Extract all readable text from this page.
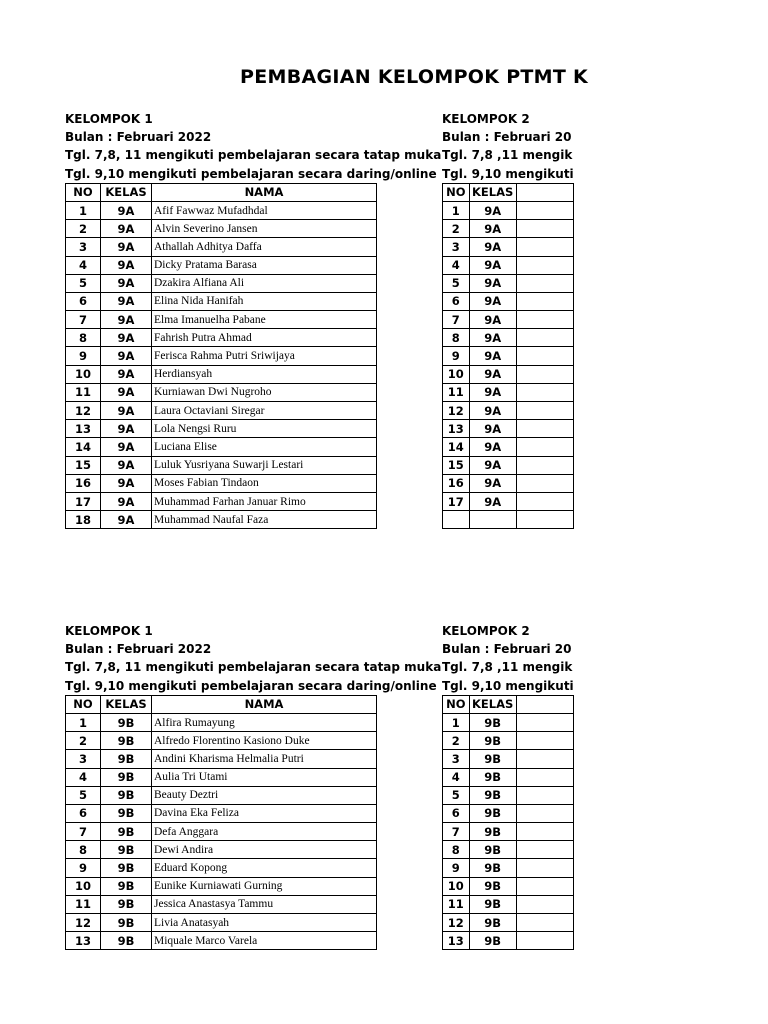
PEMBAGIAN KELOMPOK PTMT K
KELOMPOK 1
Bulan : Februari 2022
Tgl. 7,8, 11 mengikuti pembelajaran secara tatap muka
Tgl. 9,10 mengikuti pembelajaran secara daring/online
NO	KELAS	NAMA
1	9A	Afif Fawwaz Mufadhdal
2	9A	Alvin Severino Jansen
3	9A	Athallah Adhitya Daffa
4	9A	Dicky Pratama Barasa
5	9A	Dzakira Alfiana Ali
6	9A	Elina Nida Hanifah
7	9A	Elma Imanuelha Pabane
8	9A	Fahrish Putra Ahmad
9	9A	Ferisca Rahma Putri Sriwijaya
10	9A	Herdiansyah
11	9A	Kurniawan Dwi Nugroho
12	9A	Laura Octaviani Siregar
13	9A	Lola Nengsi Ruru
14	9A	Luciana Elise
15	9A	Luluk Yusriyana Suwarji Lestari
16	9A	Moses Fabian Tindaon
17	9A	Muhammad Farhan Januar Rimo
18	9A	Muhammad Naufal Faza
KELOMPOK 2
Bulan : Februari 20
Tgl. 7,8 ,11 mengik
Tgl. 9,10 mengikuti
NO	KELAS	
1	9A	
2	9A	
3	9A	
4	9A	
5	9A	
6	9A	
7	9A	
8	9A	
9	9A	
10	9A	
11	9A	
12	9A	
13	9A	
14	9A	
15	9A	
16	9A	
17	9A	

KELOMPOK 1
Bulan : Februari 2022
Tgl. 7,8, 11 mengikuti pembelajaran secara tatap muka
Tgl. 9,10 mengikuti pembelajaran secara daring/online
NO	KELAS	NAMA
1	9B	Alfira Rumayung
2	9B	Alfredo Florentino Kasiono Duke
3	9B	Andini Kharisma Helmalia Putri
4	9B	Aulia Tri Utami
5	9B	Beauty Deztri
6	9B	Davina Eka Feliza
7	9B	Defa Anggara
8	9B	Dewi Andira
9	9B	Eduard Kopong
10	9B	Eunike Kurniawati Gurning
11	9B	Jessica Anastasya Tammu
12	9B	Livia Anatasyah
13	9B	Miquale Marco Varela
KELOMPOK 2
Bulan : Februari 20
Tgl. 7,8 ,11 mengik
Tgl. 9,10 mengikuti
NO	KELAS	
1	9B	
2	9B	
3	9B	
4	9B	
5	9B	
6	9B	
7	9B	
8	9B	
9	9B	
10	9B	
11	9B	
12	9B	
13	9B	
